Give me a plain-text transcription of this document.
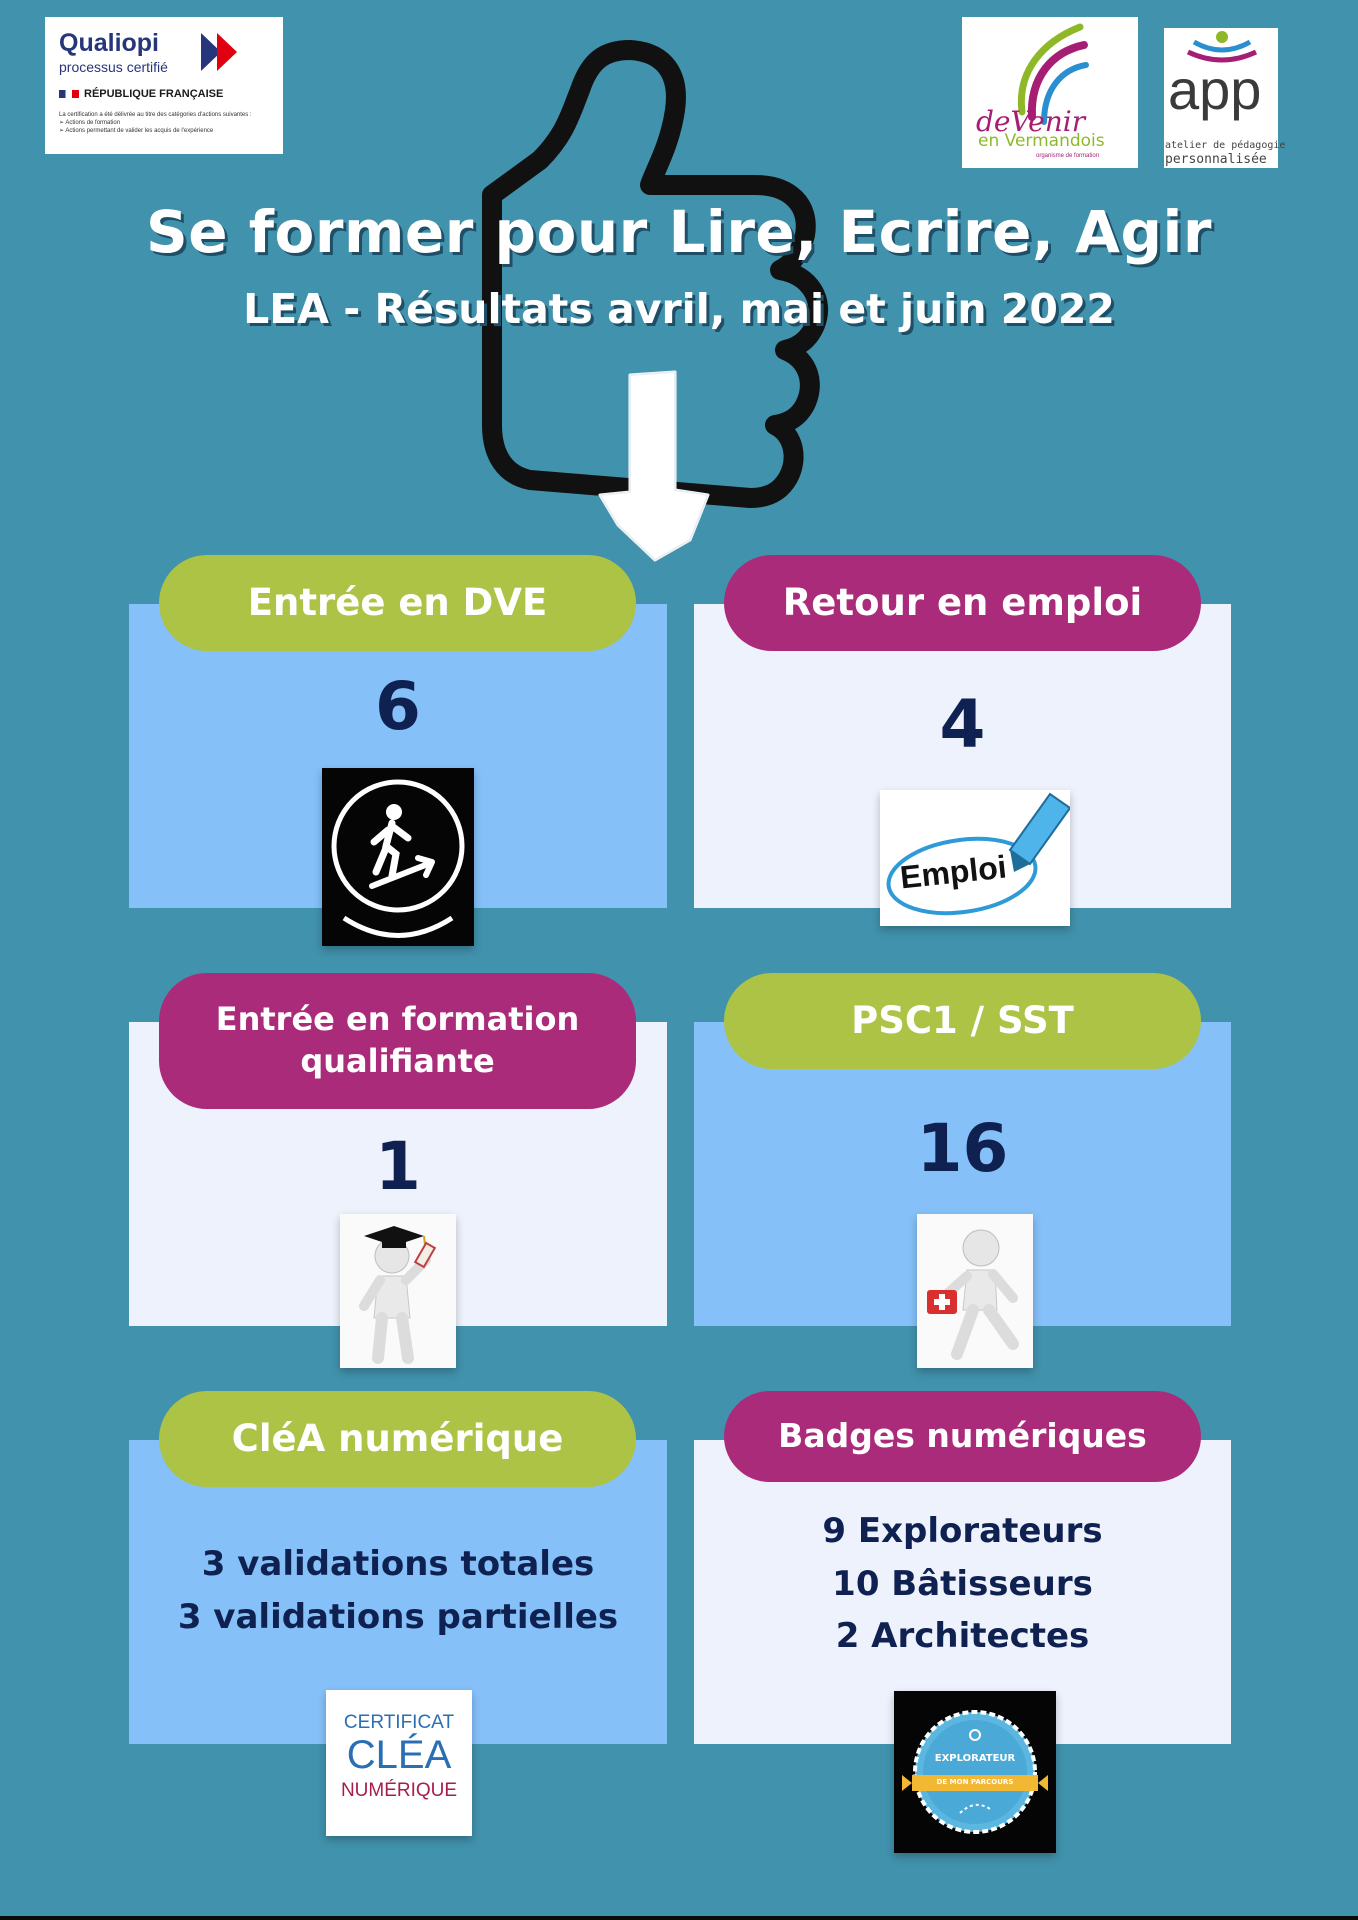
Qualiopi
processus certifié
RÉPUBLIQUE FRANÇAISE
La certification a été délivrée au titre des catégories d'actions suivantes :
➢ Actions de formation
➢ Actions permettant de valider les acquis de l'expérience	deVenir
en Vermandois
organisme de formation
app
atelier de pédagogie
personnalisée
Se former pour Lire, Ecrire, Agir
LEA - Résultats avril, mai et juin 2022
Entrée en DVE
6
Retour en emploi
4
Emploi
Entrée en formation
qualifiante
1
PSC1 / SST
16
CléA numérique
3 validations totales
3 validations partielles
CERTIFICAT
CLÉA
NUMÉRIQUE
Badges numériques
9 Explorateurs
10 Bâtisseurs
2 Architectes
EXPLORATEUR
DE MON PARCOURS
